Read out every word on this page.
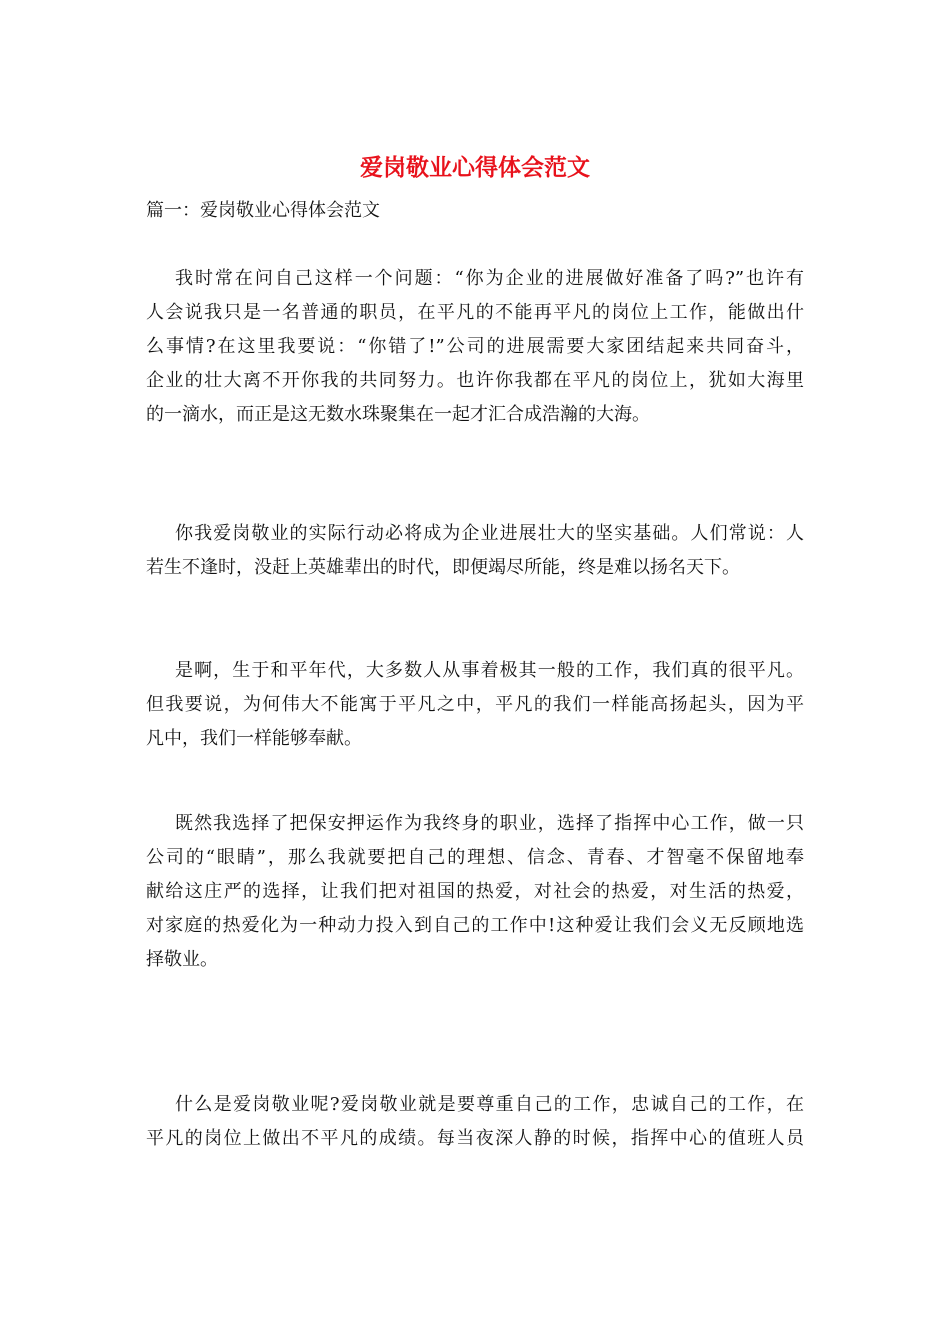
爱岗敬业心得体会范文

篇一：爱岗敬业心得体会范文

我时常在问自己这样一个问题：“你为企业的进展做好准备了吗?”也许有
人会说我只是一名普通的职员，在平凡的不能再平凡的岗位上工作，能做出什
么事情?在这里我要说：“你错了!”公司的进展需要大家团结起来共同奋斗，
企业的壮大离不开你我的共同努力。也许你我都在平凡的岗位上，犹如大海里
的一滴水，而正是这无数水珠聚集在一起才汇合成浩瀚的大海。
你我爱岗敬业的实际行动必将成为企业进展壮大的坚实基础。人们常说：人
若生不逢时，没赶上英雄辈出的时代，即便竭尽所能，终是难以扬名天下。
是啊，生于和平年代，大多数人从事着极其一般的工作，我们真的很平凡。
但我要说，为何伟大不能寓于平凡之中，平凡的我们一样能高扬起头，因为平
凡中，我们一样能够奉献。
既然我选择了把保安押运作为我终身的职业，选择了指挥中心工作，做一只
公司的“眼睛”，那么我就要把自己的理想、信念、青春、才智毫不保留地奉
献给这庄严的选择，让我们把对祖国的热爱，对社会的热爱，对生活的热爱，
对家庭的热爱化为一种动力投入到自己的工作中!这种爱让我们会义无反顾地选
择敬业。
什么是爱岗敬业呢?爱岗敬业就是要尊重自己的工作，忠诚自己的工作，在
平凡的岗位上做出不平凡的成绩。每当夜深人静的时候，指挥中心的值班人员
